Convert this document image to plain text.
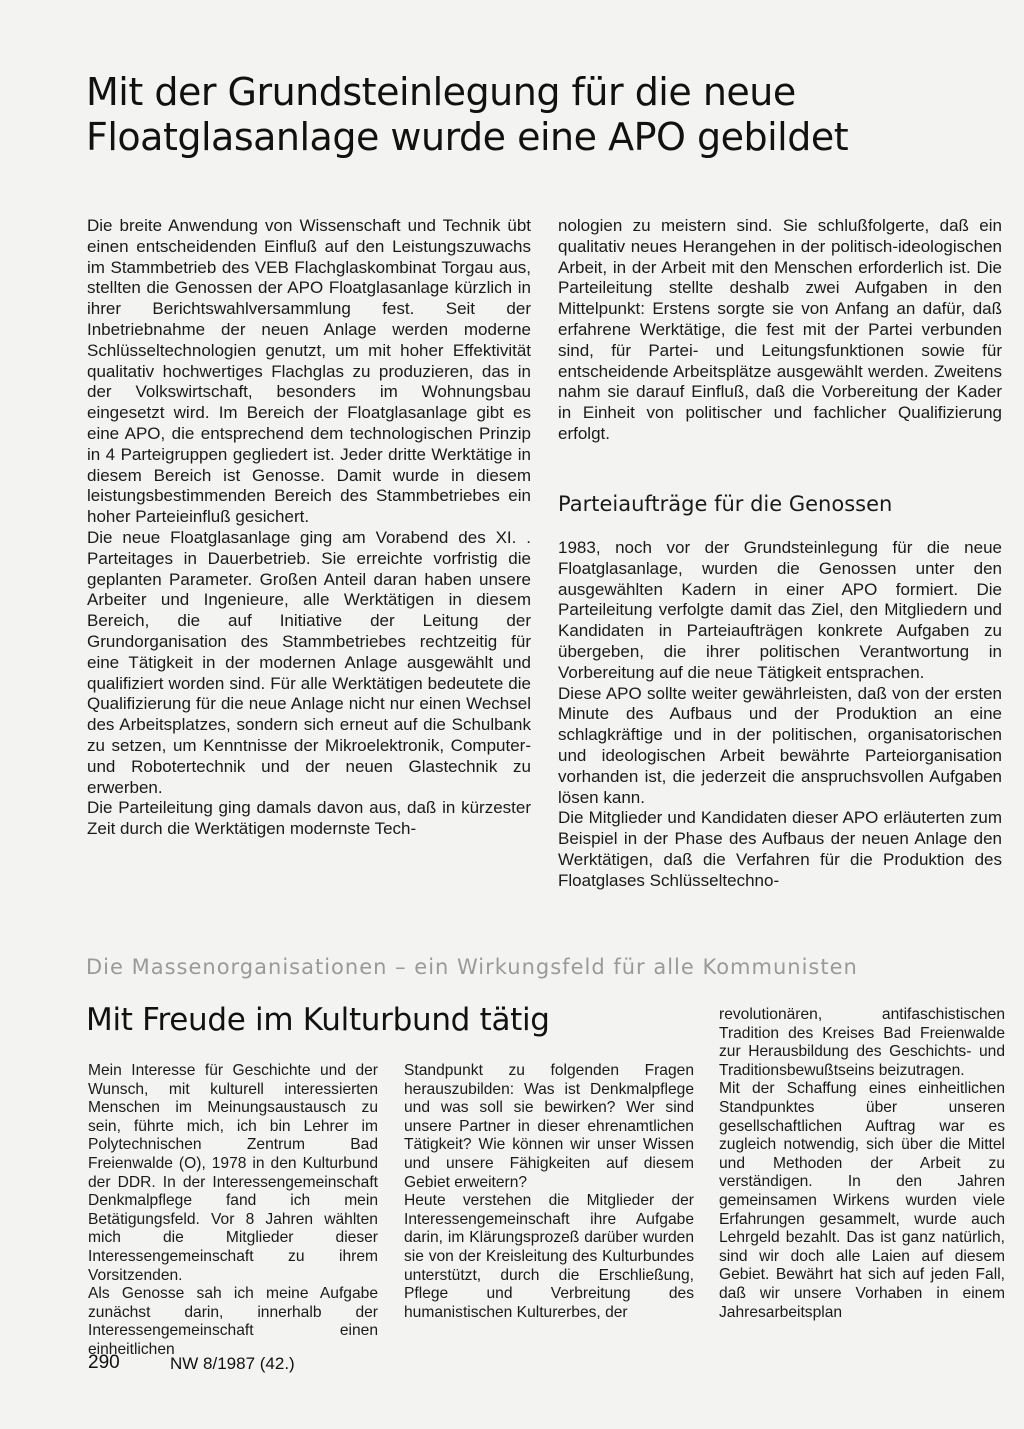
Mit der Grundsteinlegung für die neue
Floatglasanlage wurde eine APO gebildet

Die breite Anwendung von Wissenschaft und Technik übt einen entscheidenden Einfluß auf den Leistungszuwachs im Stammbetrieb des VEB Flachglaskombinat Torgau aus, stellten die Genossen der APO Floatglasanlage kürzlich in ihrer Berichtswahlversammlung fest. Seit der Inbetriebnahme der neuen Anlage werden moderne Schlüsseltechnologien genutzt, um mit hoher Effektivität qualitativ hochwertiges Flachglas zu produzieren, das in der Volkswirtschaft, besonders im Wohnungsbau eingesetzt wird. Im Bereich der Floatglasanlage gibt es eine APO, die entsprechend dem technologischen Prinzip in 4 Parteigruppen gegliedert ist. Jeder dritte Werktätige in diesem Bereich ist Genosse. Damit wurde in diesem leistungsbestimmenden Bereich des Stammbetriebes ein hoher Parteieinfluß gesichert.

Die neue Floatglasanlage ging am Vorabend des XI. . Parteitages in Dauerbetrieb. Sie erreichte vorfristig die geplanten Parameter. Großen Anteil daran haben unsere Arbeiter und Ingenieure, alle Werktätigen in diesem Bereich, die auf Initiative der Leitung der Grundorganisation des Stammbetriebes rechtzeitig für eine Tätigkeit in der modernen Anlage ausgewählt und qualifiziert worden sind. Für alle Werktätigen bedeutete die Qualifizierung für die neue Anlage nicht nur einen Wechsel des Arbeitsplatzes, sondern sich erneut auf die Schulbank zu setzen, um Kenntnisse der Mikroelektronik, Computer- und Robotertechnik und der neuen Glastechnik zu erwerben.

Die Parteileitung ging damals davon aus, daß in kürzester Zeit durch die Werktätigen modernste Tech-

nologien zu meistern sind. Sie schlußfolgerte, daß ein qualitativ neues Herangehen in der politisch-ideologischen Arbeit, in der Arbeit mit den Menschen erforderlich ist. Die Parteileitung stellte deshalb zwei Aufgaben in den Mittelpunkt: Erstens sorgte sie von Anfang an dafür, daß erfahrene Werktätige, die fest mit der Partei verbunden sind, für Partei- und Leitungsfunktionen sowie für entscheidende Arbeitsplätze ausgewählt werden. Zweitens nahm sie darauf Einfluß, daß die Vorbereitung der Kader in Einheit von politischer und fachlicher Qualifizierung erfolgt.

Parteiaufträge für die Genossen

1983, noch vor der Grundsteinlegung für die neue Floatglasanlage, wurden die Genossen unter den ausgewählten Kadern in einer APO formiert. Die Parteileitung verfolgte damit das Ziel, den Mitgliedern und Kandidaten in Parteiaufträgen konkrete Aufgaben zu übergeben, die ihrer politischen Verantwortung in Vorbereitung auf die neue Tätigkeit entsprachen.

Diese APO sollte weiter gewährleisten, daß von der ersten Minute des Aufbaus und der Produktion an eine schlagkräftige und in der politischen, organisatorischen und ideologischen Arbeit bewährte Parteiorganisation vorhanden ist, die jederzeit die anspruchsvollen Aufgaben lösen kann.

Die Mitglieder und Kandidaten dieser APO erläuterten zum Beispiel in der Phase des Aufbaus der neuen Anlage den Werktätigen, daß die Verfahren für die Produktion des Floatglases Schlüsseltechno-

Die Massenorganisationen – ein Wirkungsfeld für alle Kommunisten
Mit Freude im Kulturbund tätig

Mein Interesse für Geschichte und der Wunsch, mit kulturell interessierten Menschen im Meinungsaustausch zu sein, führte mich, ich bin Lehrer im Polytechnischen Zentrum Bad Freienwalde (O), 1978 in den Kulturbund der DDR. In der Interessengemeinschaft Denkmalpflege fand ich mein Betätigungsfeld. Vor 8 Jahren wählten mich die Mitglieder dieser Interessengemeinschaft zu ihrem Vorsitzenden.

Als Genosse sah ich meine Aufgabe zunächst darin, innerhalb der Interessengemeinschaft einen einheitlichen

Standpunkt zu folgenden Fragen herauszubilden: Was ist Denkmalpflege und was soll sie bewirken? Wer sind unsere Partner in dieser ehrenamtlichen Tätigkeit? Wie können wir unser Wissen und unsere Fähigkeiten auf diesem Gebiet erweitern?

Heute verstehen die Mitglieder der Interessengemeinschaft ihre Aufgabe darin, im Klärungsprozeß darüber wurden sie von der Kreisleitung des Kulturbundes unterstützt, durch die Erschließung, Pflege und Verbreitung des humanistischen Kulturerbes, der

revolutionären, antifaschistischen Tradition des Kreises Bad Freienwalde zur Herausbildung des Geschichts- und Traditionsbewußtseins beizutragen.

Mit der Schaffung eines einheitlichen Standpunktes über unseren gesellschaftlichen Auftrag war es zugleich notwendig, sich über die Mittel und Methoden der Arbeit zu verständigen. In den Jahren gemeinsamen Wirkens wurden viele Erfahrungen gesammelt, wurde auch Lehrgeld bezahlt. Das ist ganz natürlich, sind wir doch alle Laien auf diesem Gebiet. Bewährt hat sich auf jeden Fall, daß wir unsere Vorhaben in einem Jahresarbeitsplan

290	NW 8/1987 (42.)
